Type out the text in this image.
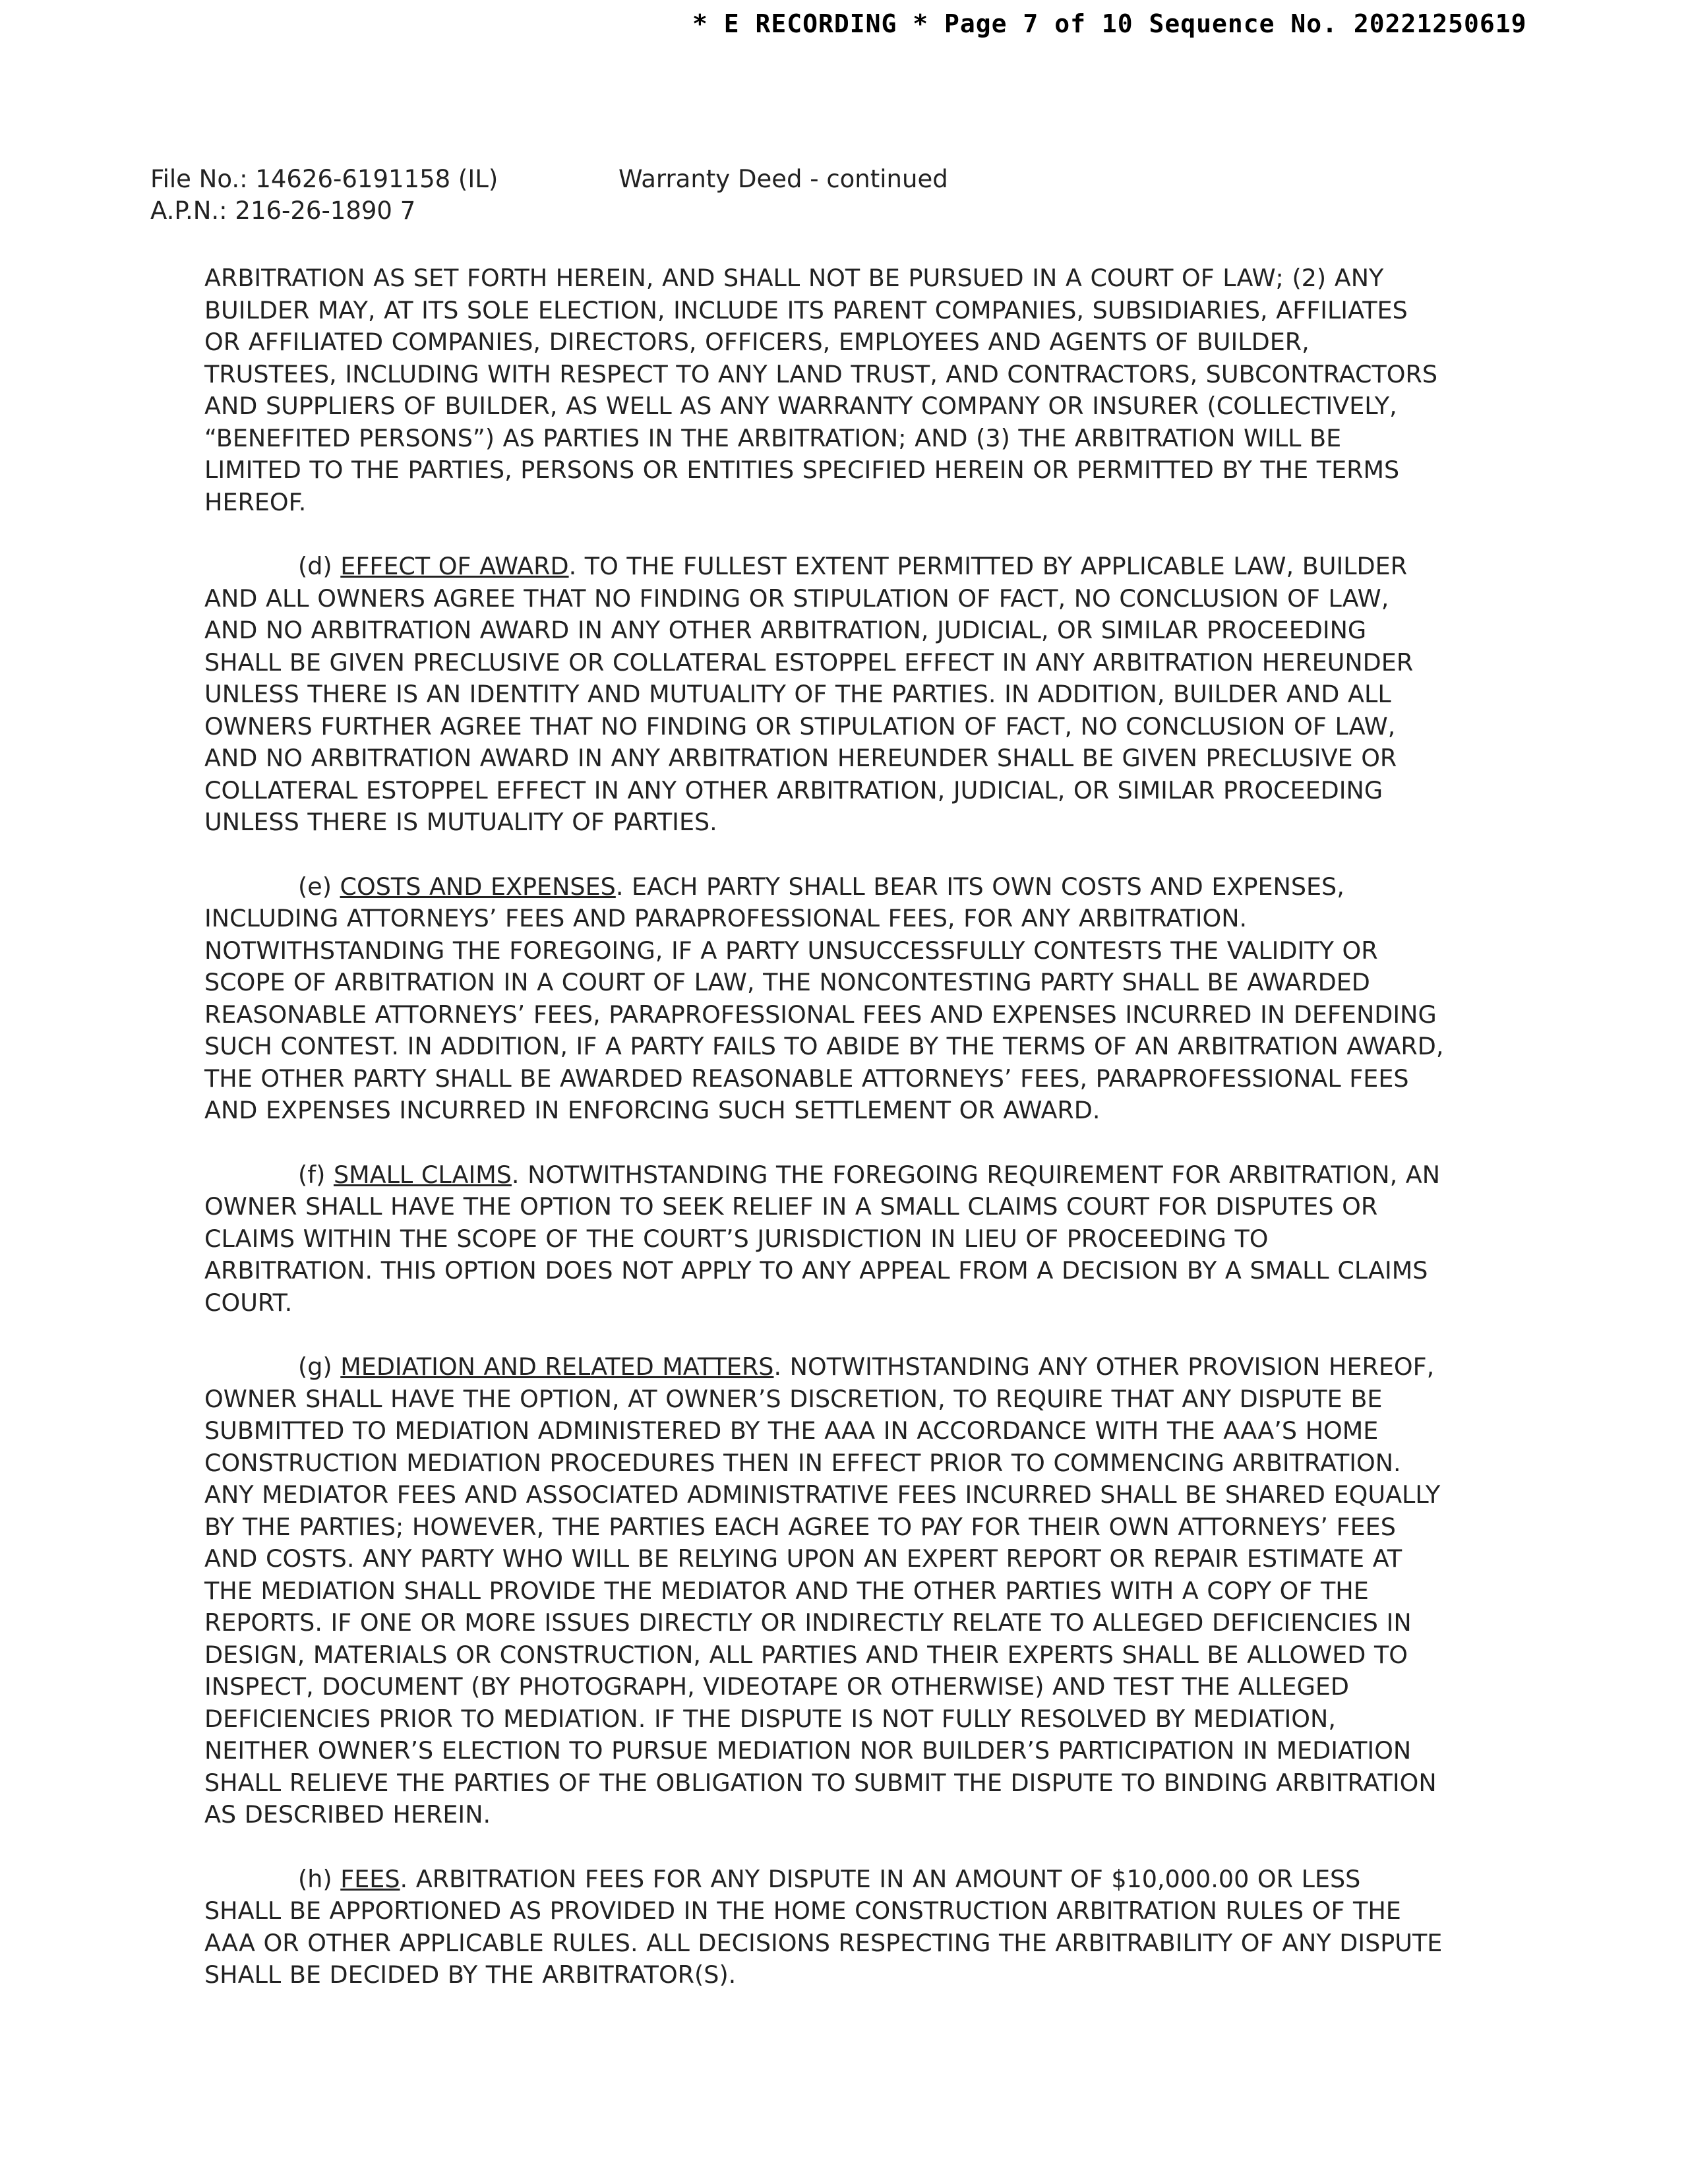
* E RECORDING * Page 7 of 10 Sequence No. 20221250619
File No.: 14626-6191158 (IL)
A.P.N.: 216-26-1890 7
Warranty Deed - continued

ARBITRATION AS SET FORTH HEREIN, AND SHALL NOT BE PURSUED IN A COURT OF LAW; (2) ANY BUILDER MAY, AT ITS SOLE ELECTION, INCLUDE ITS PARENT COMPANIES, SUBSIDIARIES, AFFILIATES OR AFFILIATED COMPANIES, DIRECTORS, OFFICERS, EMPLOYEES AND AGENTS OF BUILDER, TRUSTEES, INCLUDING WITH RESPECT TO ANY LAND TRUST, AND CONTRACTORS, SUBCONTRACTORS AND SUPPLIERS OF BUILDER, AS WELL AS ANY WARRANTY COMPANY OR INSURER (COLLECTIVELY, “BENEFITED PERSONS”) AS PARTIES IN THE ARBITRATION; AND (3) THE ARBITRATION WILL BE LIMITED TO THE PARTIES, PERSONS OR ENTITIES SPECIFIED HEREIN OR PERMITTED BY THE TERMS HEREOF.

(d) EFFECT OF AWARD. TO THE FULLEST EXTENT PERMITTED BY APPLICABLE LAW, BUILDER AND ALL OWNERS AGREE THAT NO FINDING OR STIPULATION OF FACT, NO CONCLUSION OF LAW, AND NO ARBITRATION AWARD IN ANY OTHER ARBITRATION, JUDICIAL, OR SIMILAR PROCEEDING SHALL BE GIVEN PRECLUSIVE OR COLLATERAL ESTOPPEL EFFECT IN ANY ARBITRATION HEREUNDER UNLESS THERE IS AN IDENTITY AND MUTUALITY OF THE PARTIES. IN ADDITION, BUILDER AND ALL OWNERS FURTHER AGREE THAT NO FINDING OR STIPULATION OF FACT, NO CONCLUSION OF LAW, AND NO ARBITRATION AWARD IN ANY ARBITRATION HEREUNDER SHALL BE GIVEN PRECLUSIVE OR COLLATERAL ESTOPPEL EFFECT IN ANY OTHER ARBITRATION, JUDICIAL, OR SIMILAR PROCEEDING UNLESS THERE IS MUTUALITY OF PARTIES.

(e) COSTS AND EXPENSES. EACH PARTY SHALL BEAR ITS OWN COSTS AND EXPENSES, INCLUDING ATTORNEYS’ FEES AND PARAPROFESSIONAL FEES, FOR ANY ARBITRATION. NOTWITHSTANDING THE FOREGOING, IF A PARTY UNSUCCESSFULLY CONTESTS THE VALIDITY OR SCOPE OF ARBITRATION IN A COURT OF LAW, THE NONCONTESTING PARTY SHALL BE AWARDED REASONABLE ATTORNEYS’ FEES, PARAPROFESSIONAL FEES AND EXPENSES INCURRED IN DEFENDING SUCH CONTEST. IN ADDITION, IF A PARTY FAILS TO ABIDE BY THE TERMS OF AN ARBITRATION AWARD, THE OTHER PARTY SHALL BE AWARDED REASONABLE ATTORNEYS’ FEES, PARAPROFESSIONAL FEES AND EXPENSES INCURRED IN ENFORCING SUCH SETTLEMENT OR AWARD.

(f) SMALL CLAIMS. NOTWITHSTANDING THE FOREGOING REQUIREMENT FOR ARBITRATION, AN OWNER SHALL HAVE THE OPTION TO SEEK RELIEF IN A SMALL CLAIMS COURT FOR DISPUTES OR CLAIMS WITHIN THE SCOPE OF THE COURT’S JURISDICTION IN LIEU OF PROCEEDING TO ARBITRATION. THIS OPTION DOES NOT APPLY TO ANY APPEAL FROM A DECISION BY A SMALL CLAIMS COURT.

(g) MEDIATION AND RELATED MATTERS. NOTWITHSTANDING ANY OTHER PROVISION HEREOF, OWNER SHALL HAVE THE OPTION, AT OWNER’S DISCRETION, TO REQUIRE THAT ANY DISPUTE BE SUBMITTED TO MEDIATION ADMINISTERED BY THE AAA IN ACCORDANCE WITH THE AAA’S HOME CONSTRUCTION MEDIATION PROCEDURES THEN IN EFFECT PRIOR TO COMMENCING ARBITRATION. ANY MEDIATOR FEES AND ASSOCIATED ADMINISTRATIVE FEES INCURRED SHALL BE SHARED EQUALLY BY THE PARTIES; HOWEVER, THE PARTIES EACH AGREE TO PAY FOR THEIR OWN ATTORNEYS’ FEES AND COSTS. ANY PARTY WHO WILL BE RELYING UPON AN EXPERT REPORT OR REPAIR ESTIMATE AT THE MEDIATION SHALL PROVIDE THE MEDIATOR AND THE OTHER PARTIES WITH A COPY OF THE REPORTS. IF ONE OR MORE ISSUES DIRECTLY OR INDIRECTLY RELATE TO ALLEGED DEFICIENCIES IN DESIGN, MATERIALS OR CONSTRUCTION, ALL PARTIES AND THEIR EXPERTS SHALL BE ALLOWED TO INSPECT, DOCUMENT (BY PHOTOGRAPH, VIDEOTAPE OR OTHERWISE) AND TEST THE ALLEGED DEFICIENCIES PRIOR TO MEDIATION. IF THE DISPUTE IS NOT FULLY RESOLVED BY MEDIATION, NEITHER OWNER’S ELECTION TO PURSUE MEDIATION NOR BUILDER’S PARTICIPATION IN MEDIATION SHALL RELIEVE THE PARTIES OF THE OBLIGATION TO SUBMIT THE DISPUTE TO BINDING ARBITRATION AS DESCRIBED HEREIN.

(h) FEES. ARBITRATION FEES FOR ANY DISPUTE IN AN AMOUNT OF $10,000.00 OR LESS SHALL BE APPORTIONED AS PROVIDED IN THE HOME CONSTRUCTION ARBITRATION RULES OF THE AAA OR OTHER APPLICABLE RULES. ALL DECISIONS RESPECTING THE ARBITRABILITY OF ANY DISPUTE SHALL BE DECIDED BY THE ARBITRATOR(S).
